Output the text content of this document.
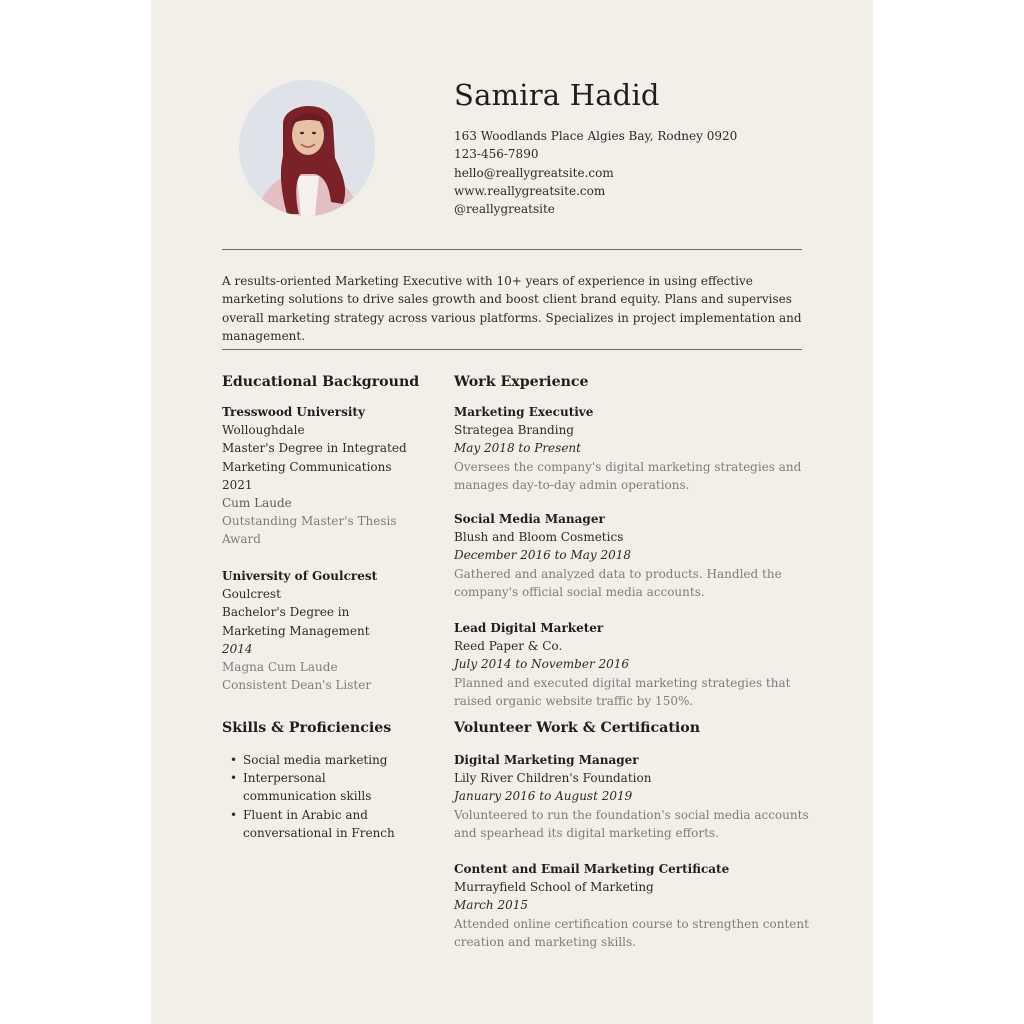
Samira Hadid
163 Woodlands Place Algies Bay, Rodney 0920
123-456-7890
hello@reallygreatsite.com
www.reallygreatsite.com
@reallygreatsite
A results-oriented Marketing Executive with 10+ years of experience in using effective marketing solutions to drive sales growth and boost client brand equity. Plans and supervises overall marketing strategy across various platforms. Specializes in project implementation and management.
Educational Background
Tresswood University
Wolloughdale
Master's Degree in Integrated Marketing Communications
2021
Cum Laude
Outstanding Master's Thesis Award
University of Goulcrest
Goulcrest
Bachelor's Degree in Marketing Management
2014
Magna Cum Laude
Consistent Dean's Lister
Skills & Proficiencies
• Social media marketing
• Interpersonal communication skills
• Fluent in Arabic and conversational in French
Work Experience
Marketing Executive
Strategea Branding
May 2018 to Present
Oversees the company's digital marketing strategies and manages day-to-day admin operations.
Social Media Manager
Blush and Bloom Cosmetics
December 2016 to May 2018
Gathered and analyzed data to products. Handled the company's official social media accounts.
Lead Digital Marketer
Reed Paper & Co.
July 2014 to November 2016
Planned and executed digital marketing strategies that raised organic website traffic by 150%.
Volunteer Work & Certification
Digital Marketing Manager
Lily River Children's Foundation
January 2016 to August 2019
Volunteered to run the foundation's social media accounts and spearhead its digital marketing efforts.
Content and Email Marketing Certificate
Murrayfield School of Marketing
March 2015
Attended online certification course to strengthen content creation and marketing skills.
